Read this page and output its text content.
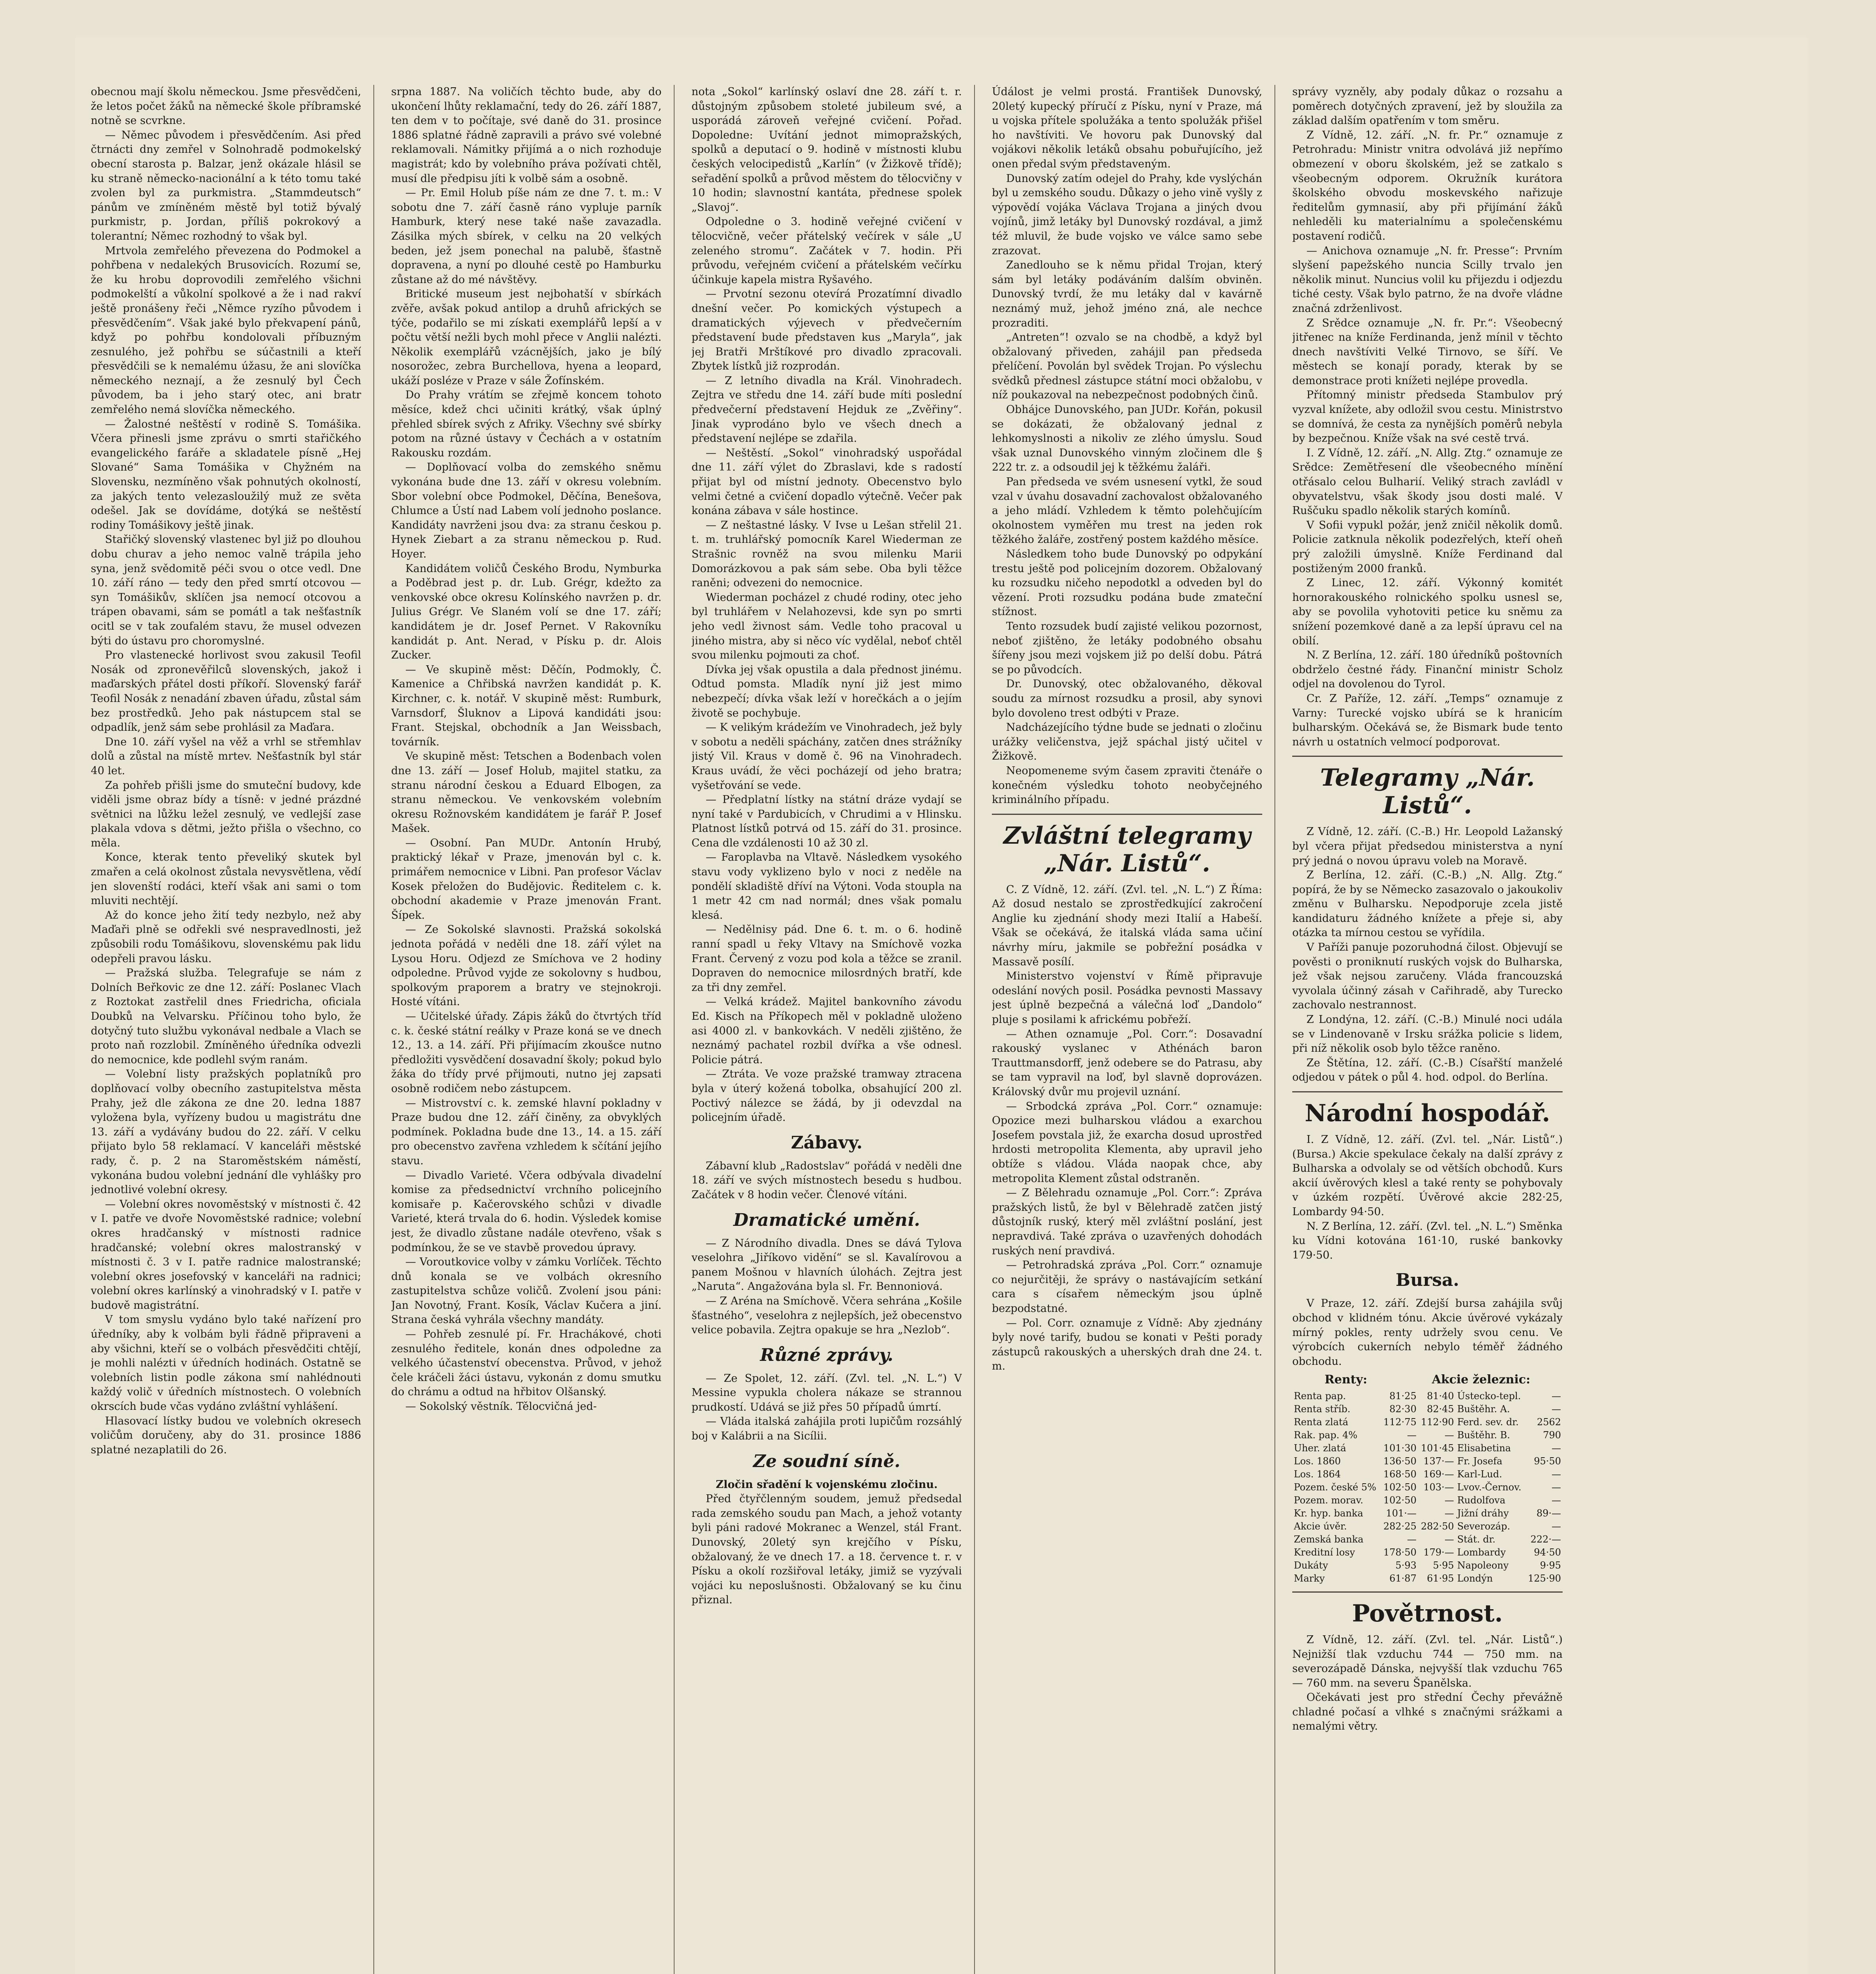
obecnou mají školu německou. Jsme přesvědčeni, že letos počet žáků na německé škole příbramské notně se scvrkne.

— Němec původem i přesvědčením. Asi před čtrnácti dny zemřel v Solnohradě podmokelský obecní starosta p. Balzar, jenž okázale hlásil se ku straně německo-nacionální a k této tomu také zvolen byl za purkmistra. „Stammdeutsch“ pánům ve zmíněném městě byl totiž bývalý purkmistr, p. Jordan, příliš pokrokový a tolerantní; Němec rozhodný to však byl.

Mrtvola zemřelého převezena do Podmokel a pohřbena v nedalekých Brusovicích. Rozumí se, že ku hrobu doprovodili zemřelého všichni podmokelští a vůkolní spolkové a že i nad rakví ještě pronášeny řeči „Němce ryzího původem i přesvědčením“. Však jaké bylo překvapení pánů, když po pohřbu kondolovali příbuzným zesnulého, jež pohřbu se súčastnili a kteří přesvědčili se k nemalému úžasu, že ani slovíčka německého neznají, a že zesnulý byl Čech původem, ba i jeho starý otec, ani bratr zemřelého nemá slovíčka německého.

— Žalostné neštěstí v rodině S. Tomášika. Včera přinesli jsme zprávu o smrti stařičkého evangelického faráře a skladatele písně „Hej Slované“ Sama Tomášika v Chyžném na Slovensku, nezmíněno však pohnutých okolností, za jakých tento velezasloužilý muž ze světa odešel. Jak se dovídáme, dotýká se neštěstí rodiny Tomášikovy ještě jinak.

Stařičký slovenský vlastenec byl již po dlouhou dobu churav a jeho nemoc valně trápila jeho syna, jenž svědomitě péči svou o otce vedl. Dne 10. září ráno — tedy den před smrtí otcovou — syn Tomášikův, sklíčen jsa nemocí otcovou a trápen obavami, sám se pomátl a tak nešťastník ocitl se v tak zoufalém stavu, že musel odvezen býti do ústavu pro choromyslné.

Pro vlastenecké horlivost svou zakusil Teofil Nosák od zpronevěřilců slovenských, jakož i maďarských přátel dosti příkoří. Slovenský farář Teofil Nosák z nenadání zbaven úřadu, zůstal sám bez prostředků. Jeho pak nástupcem stal se odpadlík, jenž sám sebe prohlásil za Maďara.

Dne 10. září vyšel na věž a vrhl se střemhlav dolů a zůstal na místě mrtev. Nešťastník byl stár 40 let.

Za pohřeb přišli jsme do smuteční budovy, kde viděli jsme obraz bídy a tísně: v jedné prázdné světnici na lůžku ležel zesnulý, ve vedlejší zase plakala vdova s dětmi, ježto přišla o všechno, co měla.

Konce, kterak tento převeliký skutek byl zmařen a celá okolnost zůstala nevysvětlena, vědí jen slovenští rodáci, kteří však ani sami o tom mluviti nechtějí.

Až do konce jeho žití tedy nezbylo, než aby Maďaři plně se odřekli své nespravedlnosti, jež způsobili rodu Tomášikovu, slovenskému pak lidu odepřeli pravou lásku.

— Pražská služba. Telegrafuje se nám z Dolních Beřkovic ze dne 12. září: Poslanec Vlach z Roztokat zastřelil dnes Friedricha, oficiala Doubků na Velvarsku. Příčinou toho bylo, že dotyčný tuto službu vykonával nedbale a Vlach se proto naň rozzlobil. Zmíněného úředníka odvezli do nemocnice, kde podlehl svým ranám.

— Volební listy pražských poplatníků pro doplňovací volby obecního zastupitelstva města Prahy, jež dle zákona ze dne 20. ledna 1887 vyložena byla, vyřízeny budou u magistrátu dne 13. září a vydávány budou do 22. září. V celku přijato bylo 58 reklamací. V kanceláři městské rady, č. p. 2 na Staroměstském náměstí, vykonána budou volební jednání dle vyhlášky pro jednotlivé volební okresy.

— Volební okres novoměstský v místnosti č. 42 v I. patře ve dvoře Novoměstské radnice; volební okres hradčanský v místnosti radnice hradčanské; volební okres malostranský v místnosti č. 3 v I. patře radnice malostranské; volební okres josefovský v kanceláři na radnici; volební okres karlínský a vinohradský v I. patře v budově magistrátní.

V tom smyslu vydáno bylo také nařízení pro úředníky, aby k volbám byli řádně připraveni a aby všichni, kteří se o volbách přesvědčiti chtějí, je mohli nalézti v úředních hodinách. Ostatně se volebních listin podle zákona smí nahlédnouti každý volič v úředních místnostech. O volebních okrscích bude včas vydáno zvláštní vyhlášení.

Hlasovací lístky budou ve volebních okresech voličům doručeny, aby do 31. prosince 1886 splatné nezaplatili do 26.

srpna 1887. Na voličích těchto bude, aby do ukončení lhůty reklamační, tedy do 26. září 1887, ten dem v to počítaje, své daně do 31. prosince 1886 splatné řádně zapravili a právo své volebné reklamovali. Námitky přijímá a o nich rozhoduje magistrát; kdo by volebního práva požívati chtěl, musí dle předpisu jíti k volbě sám a osobně.

— Pr. Emil Holub píše nám ze dne 7. t. m.: V sobotu dne 7. září časně ráno vypluje parník Hamburk, který nese také naše zavazadla. Zásilka mých sbírek, v celku na 20 velkých beden, jež jsem ponechal na palubě, šťastně dopravena, a nyní po dlouhé cestě po Hamburku zůstane až do mé návštěvy.

Britické museum jest nejbohatší v sbírkách zvěře, avšak pokud antilop a druhů afrických se týče, podařilo se mi získati exemplářů lepší a v počtu větší nežli bych mohl přece v Anglii nalézti. Několik exemplářů vzácnějších, jako je bílý nosorožec, zebra Burchellova, hyena a leopard, ukáží posléze v Praze v sále Žofínském.

Do Prahy vrátím se zřejmě koncem tohoto měsíce, kdež chci učiniti krátký, však úplný přehled sbírek svých z Afriky. Všechny své sbírky potom na různé ústavy v Čechách a v ostatním Rakousku rozdám.

— Doplňovací volba do zemského sněmu vykonána bude dne 13. září v okresu volebním. Sbor volební obce Podmokel, Děčína, Benešova, Chlumce a Ústí nad Labem volí jednoho poslance. Kandidáty navrženi jsou dva: za stranu českou p. Hynek Ziebart a za stranu německou p. Rud. Hoyer.

Kandidátem voličů Českého Brodu, Nymburka a Poděbrad jest p. dr. Lub. Grégr, kdežto za venkovské obce okresu Kolínského navržen p. dr. Julius Grégr. Ve Slaném volí se dne 17. září; kandidátem je dr. Josef Pernet. V Rakovníku kandidát p. Ant. Nerad, v Písku p. dr. Alois Zucker.

— Ve skupině měst: Děčín, Podmokly, Č. Kamenice a Chřibská navržen kandidát p. K. Kirchner, c. k. notář. V skupině měst: Rumburk, Varnsdorf, Šluknov a Lipová kandidáti jsou: Frant. Stejskal, obchodník a Jan Weissbach, továrník.

Ve skupině měst: Tetschen a Bodenbach volen dne 13. září — Josef Holub, majitel statku, za stranu národní českou a Eduard Elbogen, za stranu německou. Ve venkovském volebním okresu Rožnovském kandidátem je farář P. Josef Mašek.

— Osobní. Pan MUDr. Antonín Hrubý, praktický lékař v Praze, jmenován byl c. k. primářem nemocnice v Libni. Pan profesor Václav Kosek přeložen do Budějovic. Ředitelem c. k. obchodní akademie v Praze jmenován Frant. Šípek.

— Ze Sokolské slavnosti. Pražská sokolská jednota pořádá v neděli dne 18. září výlet na Lysou Horu. Odjezd ze Smíchova ve 2 hodiny odpoledne. Průvod vyjde ze sokolovny s hudbou, spolkovým praporem a bratry ve stejnokroji. Hosté vítáni.

— Učitelské úřady. Zápis žáků do čtvrtých tříd c. k. české státní reálky v Praze koná se ve dnech 12., 13. a 14. září. Při přijímacím zkoušce nutno předložiti vysvědčení dosavadní školy; pokud bylo žáka do třídy prvé přijmouti, nutno jej zapsati osobně rodičem nebo zástupcem.

— Mistrovství c. k. zemské hlavní pokladny v Praze budou dne 12. září činěny, za obvyklých podmínek. Pokladna bude dne 13., 14. a 15. září pro obecenstvo zavřena vzhledem k sčítání jejího stavu.

— Divadlo Varieté. Včera odbývala divadelní komise za předsednictví vrchního policejního komisaře p. Kačerovského schůzi v divadle Varieté, která trvala do 6. hodin. Výsledek komise jest, že divadlo zůstane nadále otevřeno, však s podmínkou, že se ve stavbě provedou úpravy.

— Voroutkovice volby v zámku Vorlíček. Těchto dnů konala se ve volbách okresního zastupitelstva schůze voličů. Zvolení jsou páni: Jan Novotný, Frant. Kosík, Václav Kučera a jiní. Strana česká vyhrála všechny mandáty.

— Pohřeb zesnulé pí. Fr. Hrachákové, choti zesnulého ředitele, konán dnes odpoledne za velkého účastenství obecenstva. Průvod, v jehož čele kráčeli žáci ústavu, vykonán z domu smutku do chrámu a odtud na hřbitov Olšanský.

— Sokolský věstník. Tělocvičná jed-

nota „Sokol“ karlínský oslaví dne 28. září t. r. důstojným způsobem stoleté jubileum své, a usporádá zároveň veřejné cvičení. Pořad. Dopoledne: Uvítání jednot mimopražských, spolků a deputací o 9. hodině v místnosti klubu českých velocipedistů „Karlín“ (v Žižkově třídě); seřadění spolků a průvod městem do tělocvičny v 10 hodin; slavnostní kantáta, přednese spolek „Slavoj“.

Odpoledne o 3. hodině veřejné cvičení v tělocvičně, večer přátelský večírek v sále „U zeleného stromu“. Začátek v 7. hodin. Při průvodu, veřejném cvičení a přátelském večírku účinkuje kapela mistra Ryšavého.

— Prvotní sezonu otevírá Prozatímní divadlo dnešní večer. Po komických výstupech a dramatických výjevech v předvečerním představení bude představen kus „Maryla“, jak jej Bratři Mrštíkové pro divadlo zpracovali. Zbytek lístků již rozprodán.

— Z letního divadla na Král. Vinohradech. Zejtra ve středu dne 14. září bude míti poslední předvečerní představení Hejduk ze „Zvěřiny“. Jinak vyprodáno bylo ve všech dnech a představení nejlépe se zdařila.

— Neštěstí. „Sokol“ vinohradský uspořádal dne 11. září výlet do Zbraslavi, kde s radostí přijat byl od místní jednoty. Obecenstvo bylo velmi četné a cvičení dopadlo výtečně. Večer pak konána zábava v sále hostince.

— Z neštastné lásky. V Ivse u Lešan střelil 21. t. m. truhlářský pomocník Karel Wiederman ze Strašnic rovněž na svou milenku Marii Domorázkovou a pak sám sebe. Oba byli těžce raněni; odvezeni do nemocnice.

Wiederman pocházel z chudé rodiny, otec jeho byl truhlářem v Nelahozevsi, kde syn po smrti jeho vedl živnost sám. Vedle toho pracoval u jiného mistra, aby si něco víc vydělal, neboť chtěl svou milenku pojmouti za choť.

Dívka jej však opustila a dala přednost jinému. Odtud pomsta. Mladík nyní již jest mimo nebezpečí; dívka však leží v horečkách a o jejím životě se pochybuje.

— K velikým krádežím ve Vinohradech, jež byly v sobotu a neděli spáchány, zatčen dnes strážníky jistý Vil. Kraus v domě č. 96 na Vinohradech. Kraus uvádí, že věci pocházejí od jeho bratra; vyšetřování se vede.

— Předplatní lístky na státní dráze vydají se nyní také v Pardubicích, v Chrudimi a v Hlinsku. Platnost lístků potrvá od 15. září do 31. prosince. Cena dle vzdálenosti 10 až 30 zl.

— Faroplavba na Vltavě. Následkem vysokého stavu vody vyklizeno bylo v noci z neděle na pondělí skladiště dříví na Výtoni. Voda stoupla na 1 metr 42 cm nad normál; dnes však pomalu klesá.

— Nedělnisy pád. Dne 6. t. m. o 6. hodině ranní spadl u řeky Vltavy na Smíchově vozka Frant. Červený z vozu pod kola a těžce se zranil. Dopraven do nemocnice milosrdných bratří, kde za tři dny zemřel.

— Velká krádež. Majitel bankovního závodu Ed. Kisch na Příkopech měl v pokladně uloženo asi 4000 zl. v bankovkách. V neděli zjištěno, že neznámý pachatel rozbil dvířka a vše odnesl. Policie pátrá.

— Ztráta. Ve voze pražské tramway ztracena byla v úterý kožená tobolka, obsahující 200 zl. Poctivý nálezce se žádá, by ji odevzdal na policejním úřadě.

Zábavy.

Zábavní klub „Radostslav“ pořádá v neděli dne 18. září ve svých místnostech besedu s hudbou. Začátek v 8 hodin večer. Členové vítáni.

Dramatické umění.

— Z Národního divadla. Dnes se dává Tylova veselohra „Jiříkovo vidění“ se sl. Kavalírovou a panem Mošnou v hlavních úlohách. Zejtra jest „Naruta“. Angažována byla sl. Fr. Bennoniová.

— Z Aréna na Smíchově. Včera sehrána „Košile šťastného“, veselohra z nejlepších, jež obecenstvo velice pobavila. Zejtra opakuje se hra „Nezlob“.

Různé zprávy.

— Ze Spolet, 12. září. (Zvl. tel. „N. L.“) V Messine vypukla cholera nákaze se strannou prudkostí. Udává se již přes 50 případů úmrtí.

— Vláda italská zahájila proti lupičům rozsáhlý boj v Kalábrii a na Sicílii.

Ze soudní síně.

Zločin sřadění k vojenskému zločinu.

Před čtyřčlenným soudem, jemuž předsedal rada zemského soudu pan Mach, a jehož votanty byli páni radové Mokranec a Wenzel, stál Frant. Dunovský, 20letý syn krejčího v Písku, obžalovaný, že ve dnech 17. a 18. července t. r. v Písku a okolí rozšiřoval letáky, jimiž se vyzývali vojáci ku neposlušnosti. Obžalovaný se ku činu přiznal.

Údálost je velmi prostá. František Dunovský, 20letý kupecký příručí z Písku, nyní v Praze, má u vojska přítele spolužáka a tento spolužák přišel ho navštíviti. Ve hovoru pak Dunovský dal vojákovi několik letáků obsahu pobuřujícího, jež onen předal svým představeným.

Dunovský zatím odejel do Prahy, kde vyslýchán byl u zemského soudu. Důkazy o jeho vině vyšly z výpovědí vojáka Václava Trojana a jiných dvou vojínů, jimž letáky byl Dunovský rozdával, a jimž též mluvil, že bude vojsko ve válce samo sebe zrazovat.

Zanedlouho se k němu přidal Trojan, který sám byl letáky podáváním dalším obviněn. Dunovský tvrdí, že mu letáky dal v kavárně neznámý muž, jehož jméno zná, ale nechce prozraditi.

„Antreten“! ozvalo se na chodbě, a když byl obžalovaný přiveden, zahájil pan předseda přelíčení. Povolán byl svědek Trojan. Po výslechu svědků přednesl zástupce státní moci obžalobu, v níž poukazoval na nebezpečnost podobných činů.

Obhájce Dunovského, pan JUDr. Kořán, pokusil se dokázati, že obžalovaný jednal z lehkomyslnosti a nikoliv ze zlého úmyslu. Soud však uznal Dunovského vinným zločinem dle § 222 tr. z. a odsoudil jej k těžkému žaláři.

Pan předseda ve svém usnesení vytkl, že soud vzal v úvahu dosavadní zachovalost obžalovaného a jeho mládí. Vzhledem k těmto polehčujícím okolnostem vyměřen mu trest na jeden rok těžkého žaláře, zostřený postem každého měsíce.

Následkem toho bude Dunovský po odpykání trestu ještě pod policejním dozorem. Obžalovaný ku rozsudku ničeho nepodotkl a odveden byl do vězení. Proti rozsudku podána bude zmateční stížnost.

Tento rozsudek budí zajisté velikou pozornost, neboť zjištěno, že letáky podobného obsahu šířeny jsou mezi vojskem již po delší dobu. Pátrá se po původcích.

Dr. Dunovský, otec obžalovaného, děkoval soudu za mírnost rozsudku a prosil, aby synovi bylo dovoleno trest odbýti v Praze.

Nadcházejícího týdne bude se jednati o zločinu urážky veličenstva, jejž spáchal jistý učitel v Žižkově.

Neopomeneme svým časem zpraviti čtenáře o konečném výsledku tohoto neobyčejného kriminálního případu.

Zvláštní telegramy „Nár. Listů“.

C. Z Vídně, 12. září. (Zvl. tel. „N. L.“) Z Říma: Až dosud nestalo se zprostředkující zakročení Anglie ku zjednání shody mezi Italií a Habeší. Však se očekává, že italská vláda sama učiní návrhy míru, jakmile se pobřežní posádka v Massavě posílí.

Ministerstvo vojenství v Římě připravuje odeslání nových posil. Posádka pevnosti Massavy jest úplně bezpečná a válečná loď „Dandolo“ pluje s posilami k africkému pobřeží.

— Athen oznamuje „Pol. Corr.“: Dosavadní rakouský vyslanec v Athénách baron Trauttmansdorff, jenž odebere se do Patrasu, aby se tam vypravil na loď, byl slavně doprovázen. Královský dvůr mu projevil uznání.

— Srbodcká zpráva „Pol. Corr.“ oznamuje: Opozice mezi bulharskou vládou a exarchou Josefem povstala již, že exarcha dosud uprostřed hrdosti metropolita Klementa, aby upravil jeho obtíže s vládou. Vláda naopak chce, aby metropolita Klement zůstal odstraněn.

— Z Bělehradu oznamuje „Pol. Corr.“: Zpráva pražských listů, že byl v Bělehradě zatčen jistý důstojník ruský, který měl zvláštní poslání, jest nepravdivá. Také zpráva o uzavřených dohodách ruských není pravdivá.

— Petrohradská zpráva „Pol. Corr.“ oznamuje co nejurčitěji, že správy o nastávajícím setkání cara s císařem německým jsou úplně bezpodstatné.

— Pol. Corr. oznamuje z Vídně: Aby zjednány byly nové tarify, budou se konati v Pešti porady zástupců rakouských a uherských drah dne 24. t. m.

správy vyzněly, aby podaly důkaz o rozsahu a poměrech dotyčných zpravení, jež by sloužila za základ dalším opatřením v tom směru.

Z Vídně, 12. září. „N. fr. Pr.“ oznamuje z Petrohradu: Ministr vnitra odvolává již nepřímo obmezení v oboru školském, jež se zatkalo s všeobecným odporem. Okružník kurátora školského obvodu moskevského nařizuje ředitelům gymnasií, aby při přijímání žáků nehleděli ku materialnímu a společenskému postavení rodičů.

— Anichova oznamuje „N. fr. Presse“: Prvním slyšení papežského nuncia Scilly trvalo jen několik minut. Nuncius volil ku přijezdu i odjezdu tiché cesty. Však bylo patrno, že na dvoře vládne značná zdrženlivost.

Z Srědce oznamuje „N. fr. Pr.“: Všeobecný jitřenec na kníže Ferdinanda, jenž mínil v těchto dnech navštíviti Velké Tirnovo, se šíří. Ve městech se konají porady, kterak by se demonstrace proti knížeti nejlépe provedla.

Přítomný ministr předseda Stambulov prý vyzval knížete, aby odložil svou cestu. Ministrstvo se domnívá, že cesta za nynějších poměrů nebyla by bezpečnou. Kníže však na své cestě trvá.

I. Z Vídně, 12. září. „N. Allg. Ztg.“ oznamuje ze Srědce: Zemětřesení dle všeobecného mínění otřásalo celou Bulharií. Veliký strach zavládl v obyvatelstvu, však škody jsou dosti malé. V Ruščuku spadlo několik starých komínů.

V Sofii vypukl požár, jenž zničil několik domů. Policie zatknula několik podezřelých, kteří oheň prý založili úmyslně. Kníže Ferdinand dal postiženým 2000 franků.

Z Linec, 12. září. Výkonný komitét hornorakouského rolnického spolku usnesl se, aby se povolila vyhotoviti petice ku sněmu za snížení pozemkové daně a za lepší úpravu cel na obilí.

N. Z Berlína, 12. září. 180 úředníků poštovních obdrželo čestné řády. Finanční ministr Scholz odjel na dovolenou do Tyrol.

Cr. Z Paříže, 12. září. „Temps“ oznamuje z Varny: Turecké vojsko ubírá se k hranicím bulharským. Očekává se, že Bismark bude tento návrh u ostatních velmocí podporovat.

Telegramy „Nár. Listů“.

Z Vídně, 12. září. (C.-B.) Hr. Leopold Lažanský byl včera přijat předsedou ministerstva a nyní prý jedná o novou úpravu voleb na Moravě.

Z Berlína, 12. září. (C.-B.) „N. Allg. Ztg.“ popírá, že by se Německo zasazovalo o jakoukoliv změnu v Bulharsku. Nepodporuje zcela jistě kandidaturu žádného knížete a přeje si, aby otázka ta mírnou cestou se vyřídila.

V Paříži panuje pozoruhodná čilost. Objevují se pověsti o proniknutí ruských vojsk do Bulharska, jež však nejsou zaručeny. Vláda francouzská vyvolala účinný zásah v Cařihradě, aby Turecko zachovalo nestrannost.

Z Londýna, 12. září. (C.-B.) Minulé noci udála se v Lindenovaně v Irsku srážka policie s lidem, při níž několik osob bylo těžce raněno.

Ze Štětína, 12. září. (C.-B.) Císařští manželé odjedou v pátek o půl 4. hod. odpol. do Berlína.

Národní hospodář.

I. Z Vídně, 12. září. (Zvl. tel. „Nár. Listů“.) (Bursa.) Akcie spekulace čekaly na další zprávy z Bulharska a odvolaly se od větších obchodů. Kurs akcií úvěrových klesl a také renty se pohybovaly v úzkém rozpětí. Úvěrové akcie 282·25, Lombardy 94·50.

N. Z Berlína, 12. září. (Zvl. tel. „N. L.“) Směnka ku Vídni kotována 161·10, ruské bankovky 179·50.

Bursa.

V Praze, 12. září. Zdejší bursa zahájila svůj obchod v klidném tónu. Akcie úvěrové vykázaly mírný pokles, renty udržely svou cenu. Ve výrobcích cukerních nebylo téměř žádného obchodu.

Renty:	Akcie železnic:
Renta pap.	81·25	81·40	Ústecko-tepl.	—
Renta stříb.	82·30	82·45	Buštěhr. A.	—
Renta zlatá	112·75	112·90	Ferd. sev. dr.	2562
Rak. pap. 4%	—	—	Buštěhr. B.	790
Uher. zlatá	101·30	101·45	Elisabetina	—
Los. 1860	136·50	137·—	Fr. Josefa	95·50
Los. 1864	168·50	169·—	Karl-Lud.	—
Pozem. české 5%	102·50	103·—	Lvov.-Černov.	—
Pozem. morav.	102·50	—	Rudolfova	—
Kr. hyp. banka	101·—	—	Jižní dráhy	89·—
Akcie úvěr.	282·25	282·50	Severozáp.	—
Zemská banka	—	—	Stát. dr.	222·—
Kreditní losy	178·50	179·—	Lombardy	94·50
Dukáty	5·93	5·95	Napoleony	9·95
Marky	61·87	61·95	Londýn	125·90

Povětrnost.

Z Vídně, 12. září. (Zvl. tel. „Nár. Listů“.) Nejnižší tlak vzduchu 744 — 750 mm. na severozápadě Dánska, nejvyšší tlak vzduchu 765 — 760 mm. na severu Španělska.

Očekávati jest pro střední Čechy převážně chladné počasí a vlhké s značnými srážkami a nemalými větry.
